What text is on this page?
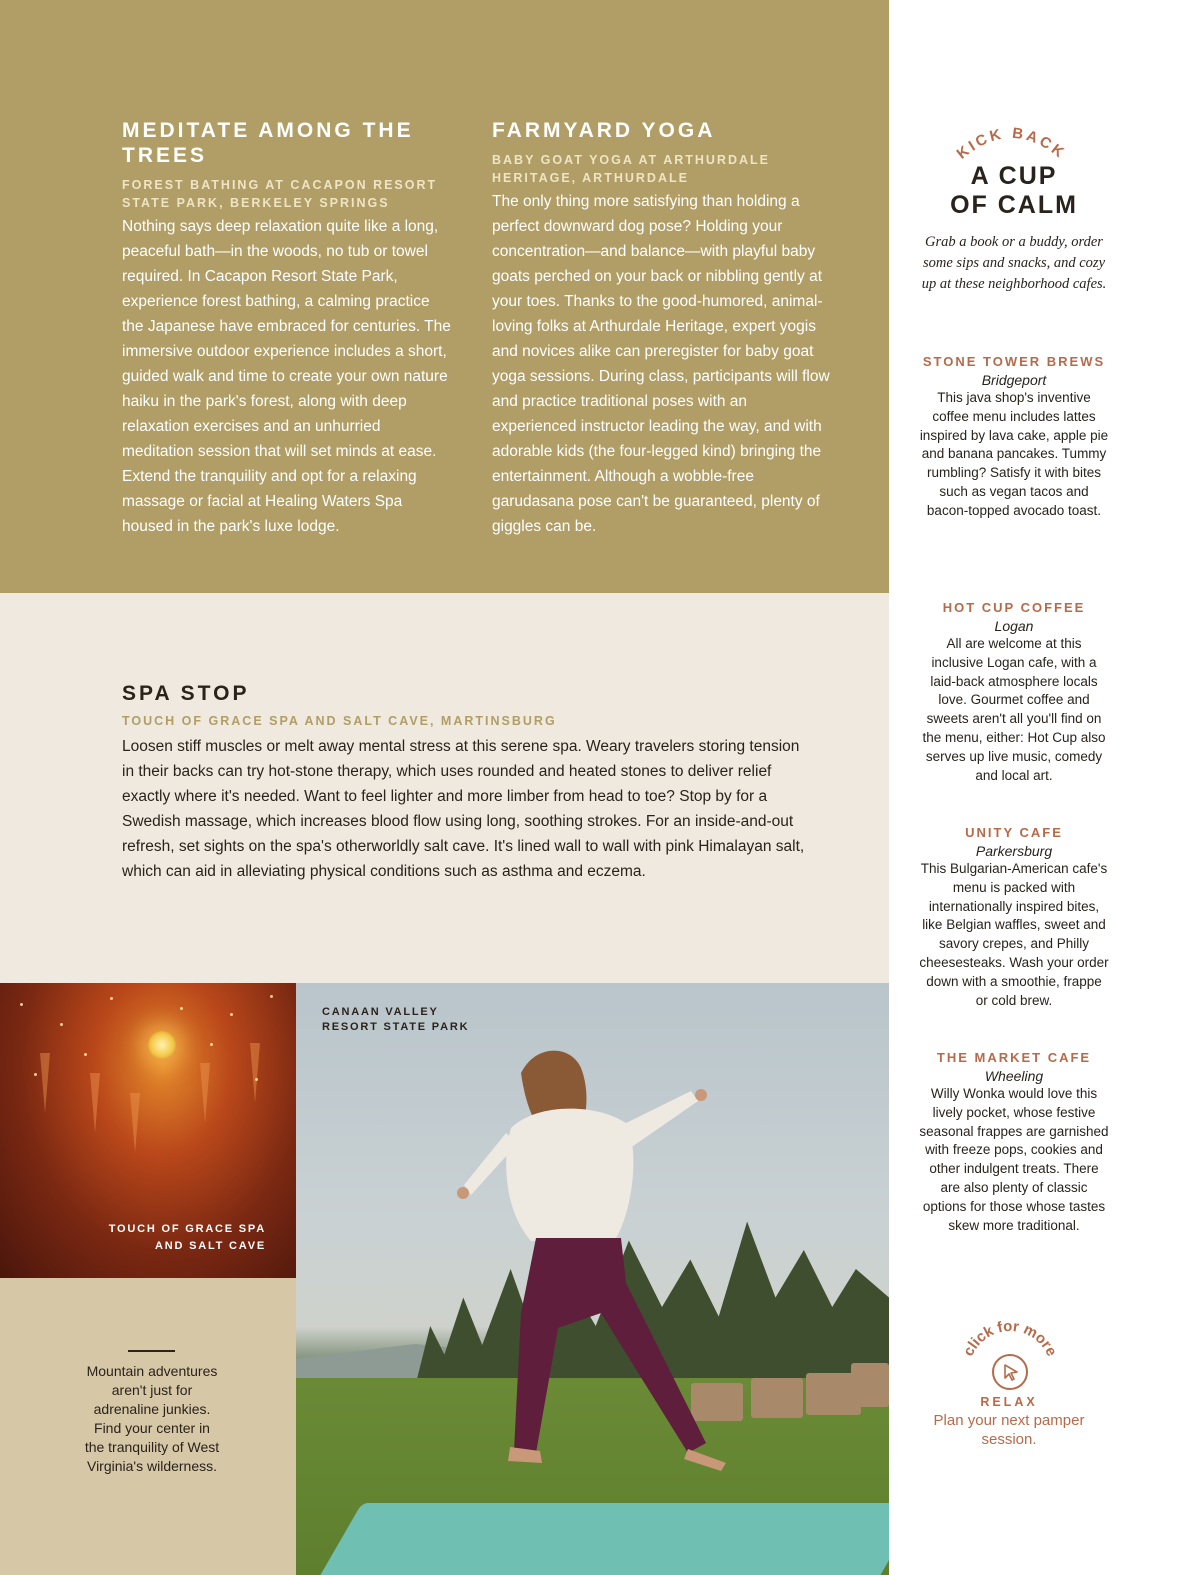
MEDITATE AMONG THE TREES
FOREST BATHING AT CACAPON RESORT STATE PARK, BERKELEY SPRINGS

Nothing says deep relaxation quite like a long, peaceful bath—in the woods, no tub or towel required. In Cacapon Resort State Park, experience forest bathing, a calming practice the Japanese have embraced for centuries. The immersive outdoor experience includes a short, guided walk and time to create your own nature haiku in the park's forest, along with deep relaxation exercises and an unhurried meditation session that will set minds at ease. Extend the tranquility and opt for a relaxing massage or facial at Healing Waters Spa housed in the park's luxe lodge.

FARMYARD YOGA
BABY GOAT YOGA AT ARTHURDALE HERITAGE, ARTHURDALE

The only thing more satisfying than holding a perfect downward dog pose? Holding your concentration—and balance—with playful baby goats perched on your back or nibbling gently at your toes. Thanks to the good-humored, animal-loving folks at Arthurdale Heritage, expert yogis and novices alike can preregister for baby goat yoga sessions. During class, participants will flow and practice traditional poses with an experienced instructor leading the way, and with adorable kids (the four-legged kind) bringing the entertainment. Although a wobble-free garudasana pose can't be guaranteed, plenty of giggles can be.

SPA STOP
TOUCH OF GRACE SPA AND SALT CAVE, MARTINSBURG

Loosen stiff muscles or melt away mental stress at this serene spa. Weary travelers storing tension in their backs can try hot-stone therapy, which uses rounded and heated stones to deliver relief exactly where it's needed. Want to feel lighter and more limber from head to toe? Stop by for a Swedish massage, which increases blood flow using long, soothing strokes. For an inside-and-out refresh, set sights on the spa's otherworldly salt cave. It's lined wall to wall with pink Himalayan salt, which can aid in alleviating physical conditions such as asthma and eczema.

TOUCH OF GRACE SPA
AND SALT CAVE

Mountain adventures aren't just for adrenaline junkies. Find your center in the tranquility of West Virginia's wilderness.

CANAAN VALLEY
RESORT STATE PARK
KICK BACK
A CUP
OF CALM

Grab a book or a buddy, order some sips and snacks, and cozy up at these neighborhood cafes.

STONE TOWER BREWS
Bridgeport
This java shop's inventive coffee menu includes lattes inspired by lava cake, apple pie and banana pancakes. Tummy rumbling? Satisfy it with bites such as vegan tacos and bacon-topped avocado toast.
HOT CUP COFFEE
Logan
All are welcome at this inclusive Logan cafe, with a laid-back atmosphere locals love. Gourmet coffee and sweets aren't all you'll find on the menu, either: Hot Cup also serves up live music, comedy and local art.
UNITY CAFE
Parkersburg
This Bulgarian-American cafe's menu is packed with internationally inspired bites, like Belgian waffles, sweet and savory crepes, and Philly cheesesteaks. Wash your order down with a smoothie, frappe or cold brew.
THE MARKET CAFE
Wheeling
Willy Wonka would love this lively pocket, whose festive seasonal frappes are garnished with freeze pops, cookies and other indulgent treats. There are also plenty of classic options for those whose tastes skew more traditional.
click for more
RELAX
Plan your next pamper session.
